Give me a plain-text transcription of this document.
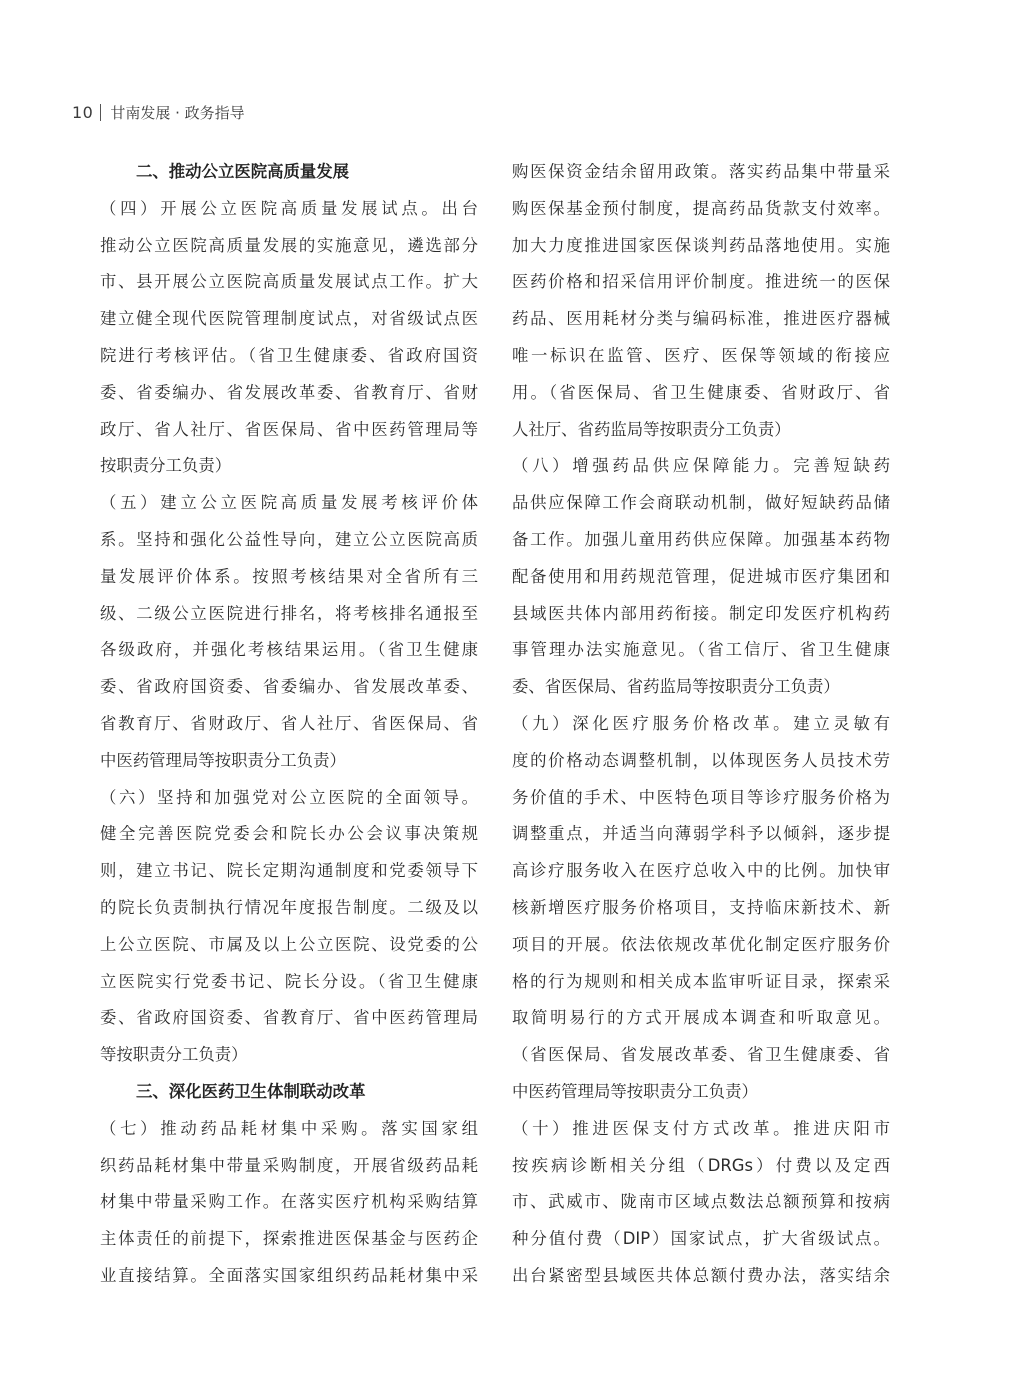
10 甘南发展 · 政务指导
二、推动公立医院高质量发展
（四）开展公立医院高质量发展试点。出台
推动公立医院高质量发展的实施意见，遴选部分
市、县开展公立医院高质量发展试点工作。扩大
建立健全现代医院管理制度试点，对省级试点医
院进行考核评估。（省卫生健康委、省政府国资
委、省委编办、省发展改革委、省教育厅、省财
政厅、省人社厅、省医保局、省中医药管理局等
按职责分工负责）
（五）建立公立医院高质量发展考核评价体
系。坚持和强化公益性导向，建立公立医院高质
量发展评价体系。按照考核结果对全省所有三
级、二级公立医院进行排名，将考核排名通报至
各级政府，并强化考核结果运用。（省卫生健康
委、省政府国资委、省委编办、省发展改革委、
省教育厅、省财政厅、省人社厅、省医保局、省
中医药管理局等按职责分工负责）
（六）坚持和加强党对公立医院的全面领导。
健全完善医院党委会和院长办公会议事决策规
则，建立书记、院长定期沟通制度和党委领导下
的院长负责制执行情况年度报告制度。二级及以
上公立医院、市属及以上公立医院、设党委的公
立医院实行党委书记、院长分设。（省卫生健康
委、省政府国资委、省教育厅、省中医药管理局
等按职责分工负责）
三、深化医药卫生体制联动改革
（七）推动药品耗材集中采购。落实国家组
织药品耗材集中带量采购制度，开展省级药品耗
材集中带量采购工作。在落实医疗机构采购结算
主体责任的前提下，探索推进医保基金与医药企
业直接结算。全面落实国家组织药品耗材集中采
购医保资金结余留用政策。落实药品集中带量采
购医保基金预付制度，提高药品货款支付效率。
加大力度推进国家医保谈判药品落地使用。实施
医药价格和招采信用评价制度。推进统一的医保
药品、医用耗材分类与编码标准，推进医疗器械
唯一标识在监管、医疗、医保等领域的衔接应
用。（省医保局、省卫生健康委、省财政厅、省
人社厅、省药监局等按职责分工负责）
（八）增强药品供应保障能力。完善短缺药
品供应保障工作会商联动机制，做好短缺药品储
备工作。加强儿童用药供应保障。加强基本药物
配备使用和用药规范管理，促进城市医疗集团和
县域医共体内部用药衔接。制定印发医疗机构药
事管理办法实施意见。（省工信厅、省卫生健康
委、省医保局、省药监局等按职责分工负责）
（九）深化医疗服务价格改革。建立灵敏有
度的价格动态调整机制，以体现医务人员技术劳
务价值的手术、中医特色项目等诊疗服务价格为
调整重点，并适当向薄弱学科予以倾斜，逐步提
高诊疗服务收入在医疗总收入中的比例。加快审
核新增医疗服务价格项目，支持临床新技术、新
项目的开展。依法依规改革优化制定医疗服务价
格的行为规则和相关成本监审听证目录，探索采
取简明易行的方式开展成本调查和听取意见。
（省医保局、省发展改革委、省卫生健康委、省
中医药管理局等按职责分工负责）
（十）推进医保支付方式改革。推进庆阳市
按疾病诊断相关分组（DRGs）付费以及定西
市、武威市、陇南市区域点数法总额预算和按病
种分值付费（DIP）国家试点，扩大省级试点。
出台紧密型县域医共体总额付费办法，落实结余
